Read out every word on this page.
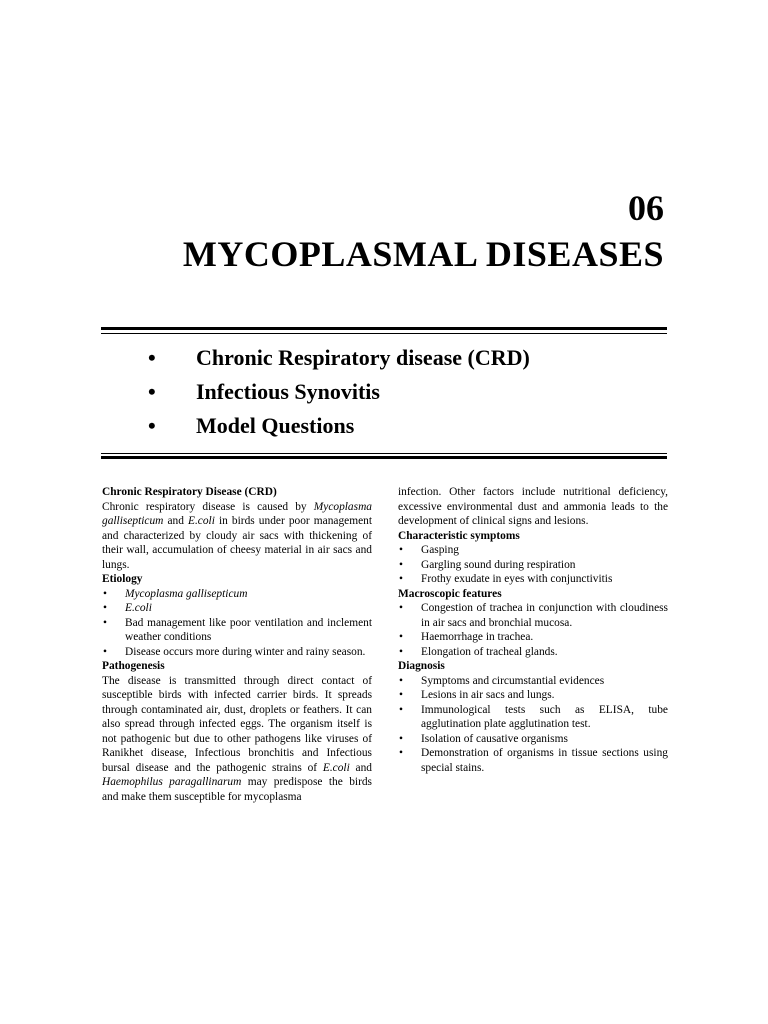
06
MYCOPLASMAL DISEASES
• Chronic Respiratory disease (CRD)
• Infectious Synovitis
• Model Questions

Chronic Respiratory Disease (CRD)

Chronic respiratory disease is caused by Mycoplasma gallisepticum and E.coli in birds under poor management and characterized by cloudy air sacs with thickening of their wall, accumulation of cheesy material in air sacs and lungs.

Etiology

• Mycoplasma gallisepticum
• E.coli
• Bad management like poor ventilation and inclement weather conditions
• Disease occurs more during winter and rainy season.

Pathogenesis

The disease is transmitted through direct contact of susceptible birds with infected carrier birds. It spreads through contaminated air, dust, droplets or feathers. It can also spread through infected eggs. The organism itself is not pathogenic but due to other pathogens like viruses of Ranikhet disease, Infectious bronchitis and Infectious bursal disease and the pathogenic strains of E.coli and Haemophilus paragallinarum may predispose the birds and make them susceptible for mycoplasma

infection. Other factors include nutritional deficiency, excessive environmental dust and ammonia leads to the development of clinical signs and lesions.

Characteristic symptoms

• Gasping
• Gargling sound during respiration
• Frothy exudate in eyes with conjunctivitis

Macroscopic features

• Congestion of trachea in conjunction with cloudiness in air sacs and bronchial mucosa.
• Haemorrhage in trachea.
• Elongation of tracheal glands.

Diagnosis

• Symptoms and circumstantial evidences
• Lesions in air sacs and lungs.
• Immunological tests such as ELISA, tube agglutination plate agglutination test.
• Isolation of causative organisms
• Demonstration of organisms in tissue sections using special stains.
